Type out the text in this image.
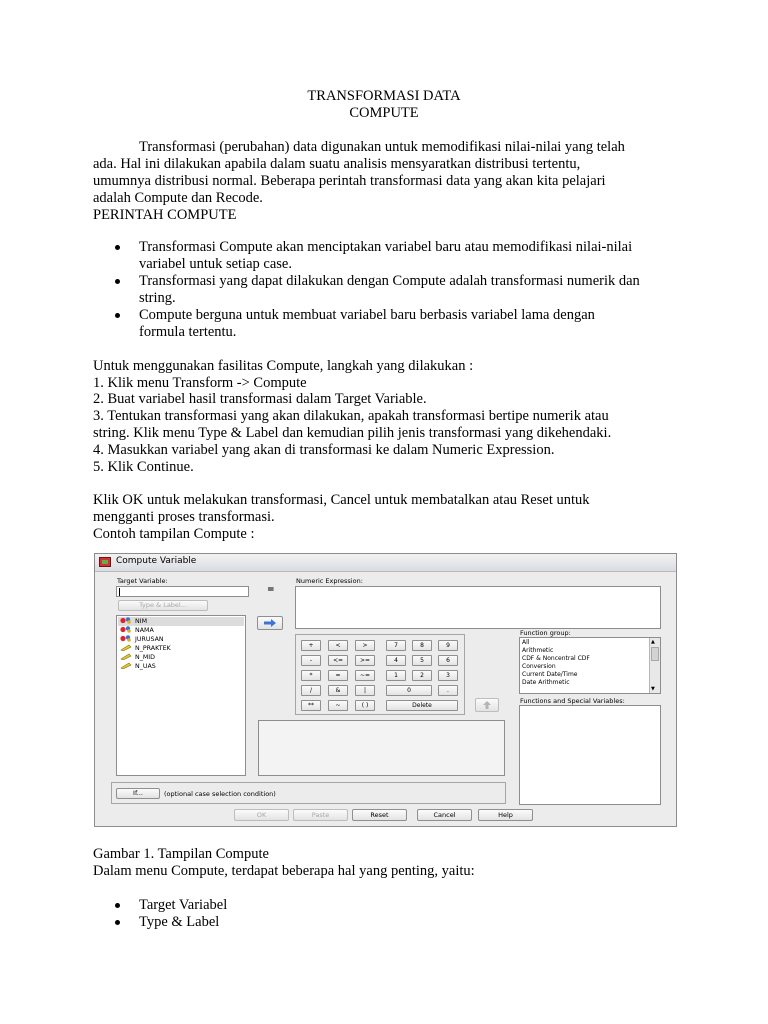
TRANSFORMASI DATA
COMPUTE
Transformasi (perubahan) data digunakan untuk memodifikasi nilai-nilai yang telah
ada. Hal ini dilakukan apabila dalam suatu analisis mensyaratkan distribusi tertentu,
umumnya distribusi normal. Beberapa perintah transformasi data yang akan kita pelajari
adalah Compute dan Recode.
PERINTAH COMPUTE
Transformasi Compute akan menciptakan variabel baru atau memodifikasi nilai-nilai
variabel untuk setiap case.
Transformasi yang dapat dilakukan dengan Compute adalah transformasi numerik dan
string.
Compute berguna untuk membuat variabel baru berbasis variabel lama dengan
formula tertentu.
Untuk menggunakan fasilitas Compute, langkah yang dilakukan :
1. Klik menu Transform -> Compute
2. Buat variabel hasil transformasi dalam Target Variable.
3. Tentukan transformasi yang akan dilakukan, apakah transformasi bertipe numerik atau
string. Klik menu Type & Label dan kemudian pilih jenis transformasi yang dikehendaki.
4. Masukkan variabel yang akan di transformasi ke dalam Numeric Expression.
5. Klik Continue.
Klik OK untuk melakukan transformasi, Cancel untuk membatalkan atau Reset untuk
mengganti proses transformasi.
Contoh tampilan Compute :
Compute Variable
Target Variable:
Type & Label...
=
Numeric Expression:
NIM
NAMA
JURUSAN
N_PRAKTEK
N_MID
N_UAS
+	<	>	7	8	9
-	<=	>=	4	5	6
*	=	~=	1	2	3
/	&	|	0	.
**	~	( )	Delete
Function group:
All
Arithmetic
CDF & Noncentral CDF
Conversion
Current Date/Time
Date Arithmetic
▲
▼
Functions and Special Variables:
If...	(optional case selection condition)
OK	Paste	Reset	Cancel	Help
Gambar 1. Tampilan Compute
Dalam menu Compute, terdapat beberapa hal yang penting, yaitu:
Target Variabel
Type & Label
